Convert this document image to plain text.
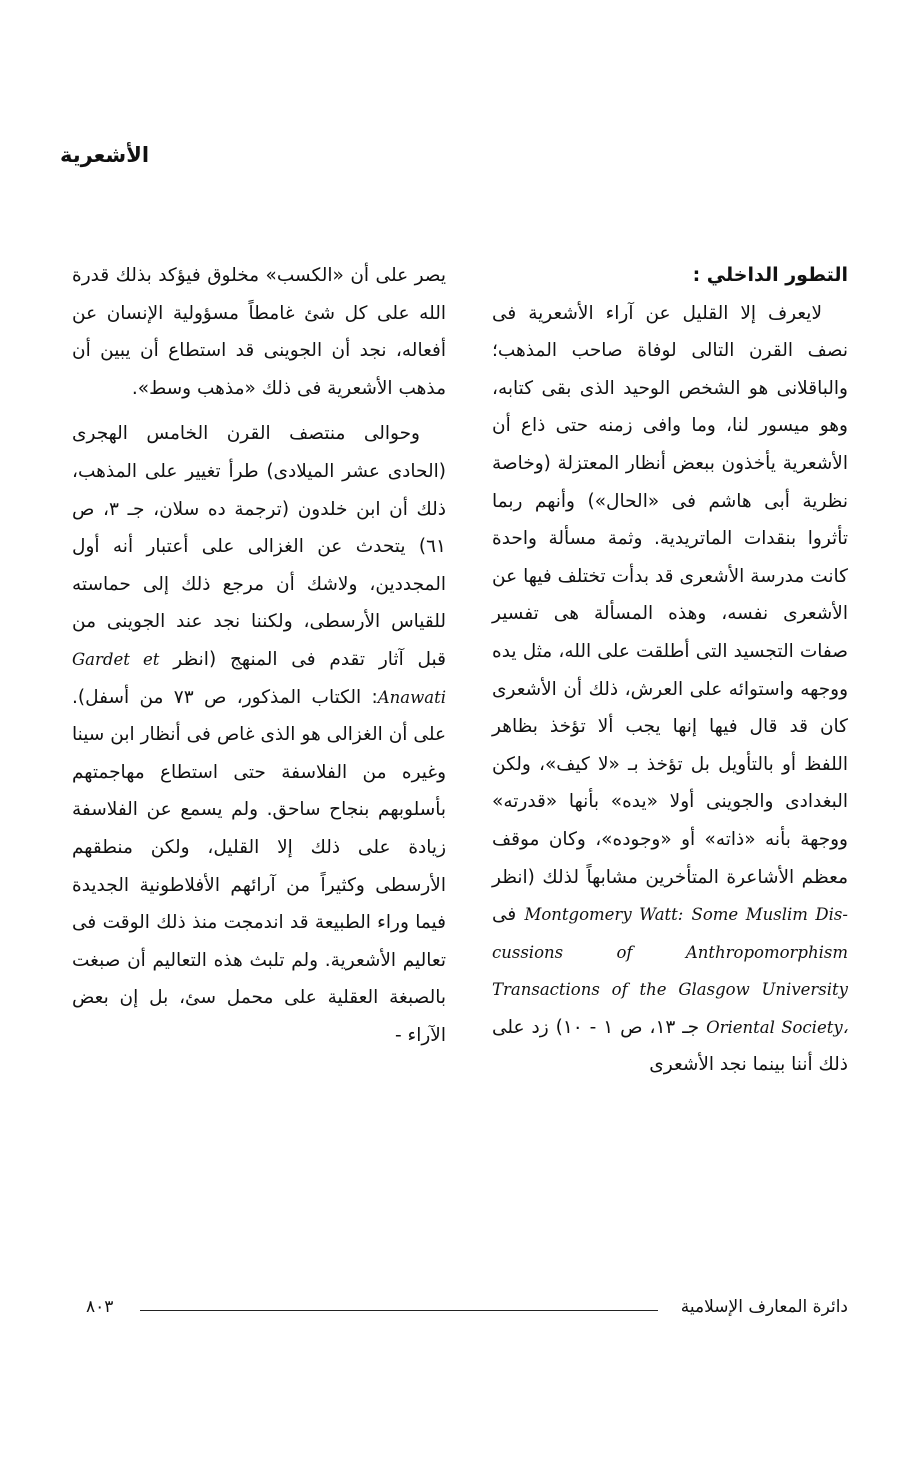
الأشعرية

التطور الداخلي :

لايعرف إلا القليل عن آراء الأشعرية فى نصف القرن التالى لوفاة صاحب المذهب؛ والباقلانى هو الشخص الوحيد الذى بقى كتابه، وهو ميسور لنا، وما وافى زمنه حتى ذاع أن الأشعرية يأخذون ببعض أنظار المعتزلة (وخاصة نظرية أبى هاشم فى «الحال») وأنهم ربما تأثروا بنقدات الماتريدية. وثمة مسألة واحدة كانت مدرسة الأشعرى قد بدأت تختلف فيها عن الأشعرى نفسه، وهذه المسألة هى تفسير صفات التجسيد التى أطلقت على الله، مثل يده ووجهه واستوائه على العرش، ذلك أن الأشعرى كان قد قال فيها إنها يجب ألا تؤخذ بظاهر اللفظ أو بالتأويل بل تؤخذ بـ «لا كيف»، ولكن البغدادى والجوينى أولا «يده» بأنها «قدرته» ووجهة بأنه «ذاته» أو «وجوده»، وكان موقف معظم الأشاعرة المتأخرين مشابهاً لذلك (انظر Some Muslim Dis- Montgomery Watt: فى cussions of Anthropomorphism Transactions of the Glasgow University Oriental Society، جـ ١٣، ص ١ - ١٠) زد على ذلك أننا بينما نجد الأشعرى

يصر على أن «الكسب» مخلوق فيؤكد بذلك قدرة الله على كل شئ غامطاً مسؤولية الإنسان عن أفعاله، نجد أن الجوينى قد استطاع أن يبين أن مذهب الأشعرية فى ذلك «مذهب وسط».

وحوالى منتصف القرن الخامس الهجرى (الحادى عشر الميلادى) طرأ تغيير على المذهب، ذلك أن ابن خلدون (ترجمة ده سلان، جـ ٣، ص ٦١) يتحدث عن الغزالى على أعتبار أنه أول المجددين، ولاشك أن مرجع ذلك إلى حماسته للقياس الأرسطى، ولكننا نجد عند الجوينى من قبل آثار تقدم فى المنهج (انظر Gardet et Anawati: الكتاب المذكور، ص ٧٣ من أسفل). على أن الغزالى هو الذى غاص فى أنظار ابن سينا وغيره من الفلاسفة حتى استطاع مهاجمتهم بأسلوبهم بنجاح ساحق. ولم يسمع عن الفلاسفة زيادة على ذلك إلا القليل، ولكن منطقهم الأرسطى وكثيراً من آرائهم الأفلاطونية الجديدة فيما وراء الطبيعة قد اندمجت منذ ذلك الوقت فى تعاليم الأشعرية. ولم تلبث هذه التعاليم أن صبغت بالصبغة العقلية على محمل سئ، بل إن بعض الآراء -

دائرة المعارف الإسلامية
٨٠٣
